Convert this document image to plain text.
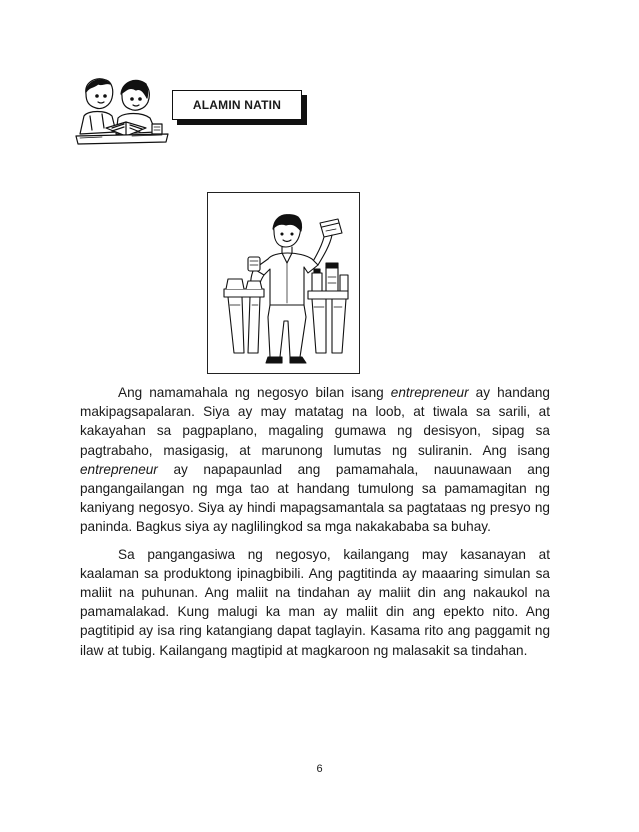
ALAMIN NATIN

Ang namamahala ng negosyo bilan isang entrepreneur ay handang makipagsapalaran. Siya ay may matatag na loob, at tiwala sa sarili, at kakayahan sa pagpaplano, magaling gumawa ng desisyon, sipag sa pagtrabaho, masigasig, at marunong lumutas ng suliranin. Ang isang entrepreneur ay napapaunlad ang pamamahala, nauunawaan ang pangangailangan ng mga tao at handang tumulong sa pamamagitan ng kaniyang negosyo. Siya ay hindi mapagsamantala sa pagtataas ng presyo ng paninda. Bagkus siya ay naglilingkod sa mga nakakababa sa buhay.

Sa pangangasiwa ng negosyo, kailangang may kasanayan at kaalaman sa produktong ipinagbibili. Ang pagtitinda ay maaaring simulan sa maliit na puhunan. Ang maliit na tindahan ay maliit din ang nakaukol na pamamalakad. Kung malugi ka man ay maliit din ang epekto nito. Ang pagtitipid ay isa ring katangiang dapat taglayin. Kasama rito ang paggamit ng ilaw at tubig. Kailangang magtipid at magkaroon ng malasakit sa tindahan.

6
